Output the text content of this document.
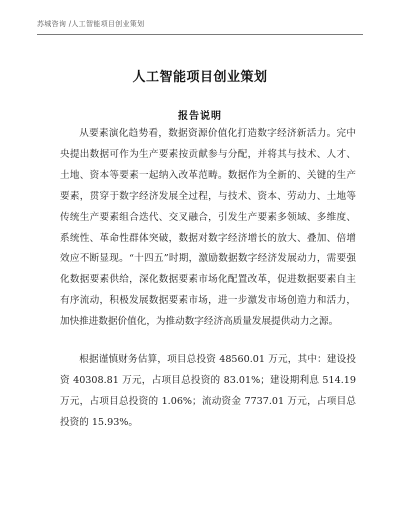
苏城咨询 /人工智能项目创业策划
人工智能项目创业策划
报告说明

从要素演化趋势看，数据资源价值化打造数字经济新活力。完中央提出数据可作为生产要素按贡献参与分配，并将其与技术、人才、土地、资本等要素一起纳入改革范畴。数据作为全新的、关键的生产要素，贯穿于数字经济发展全过程，与技术、资本、劳动力、土地等传统生产要素组合迭代、交叉融合，引发生产要素多领域、多维度、系统性、革命性群体突破，数据对数字经济增长的放大、叠加、倍增效应不断显现。“十四五”时期，激励数据数字经济发展动力，需要强化数据要素供给，深化数据要素市场化配置改革，促进数据要素自主有序流动，积极发展数据要素市场，进一步激发市场创造力和活力，加快推进数据价值化，为推动数字经济高质量发展提供动力之源。

根据谨慎财务估算，项目总投资 48560.01 万元，其中：建设投资 40308.81 万元，占项目总投资的 83.01%；建设期利息 514.19 万元，占项目总投资的 1.06%；流动资金 7737.01 万元，占项目总投资的 15.93%。
